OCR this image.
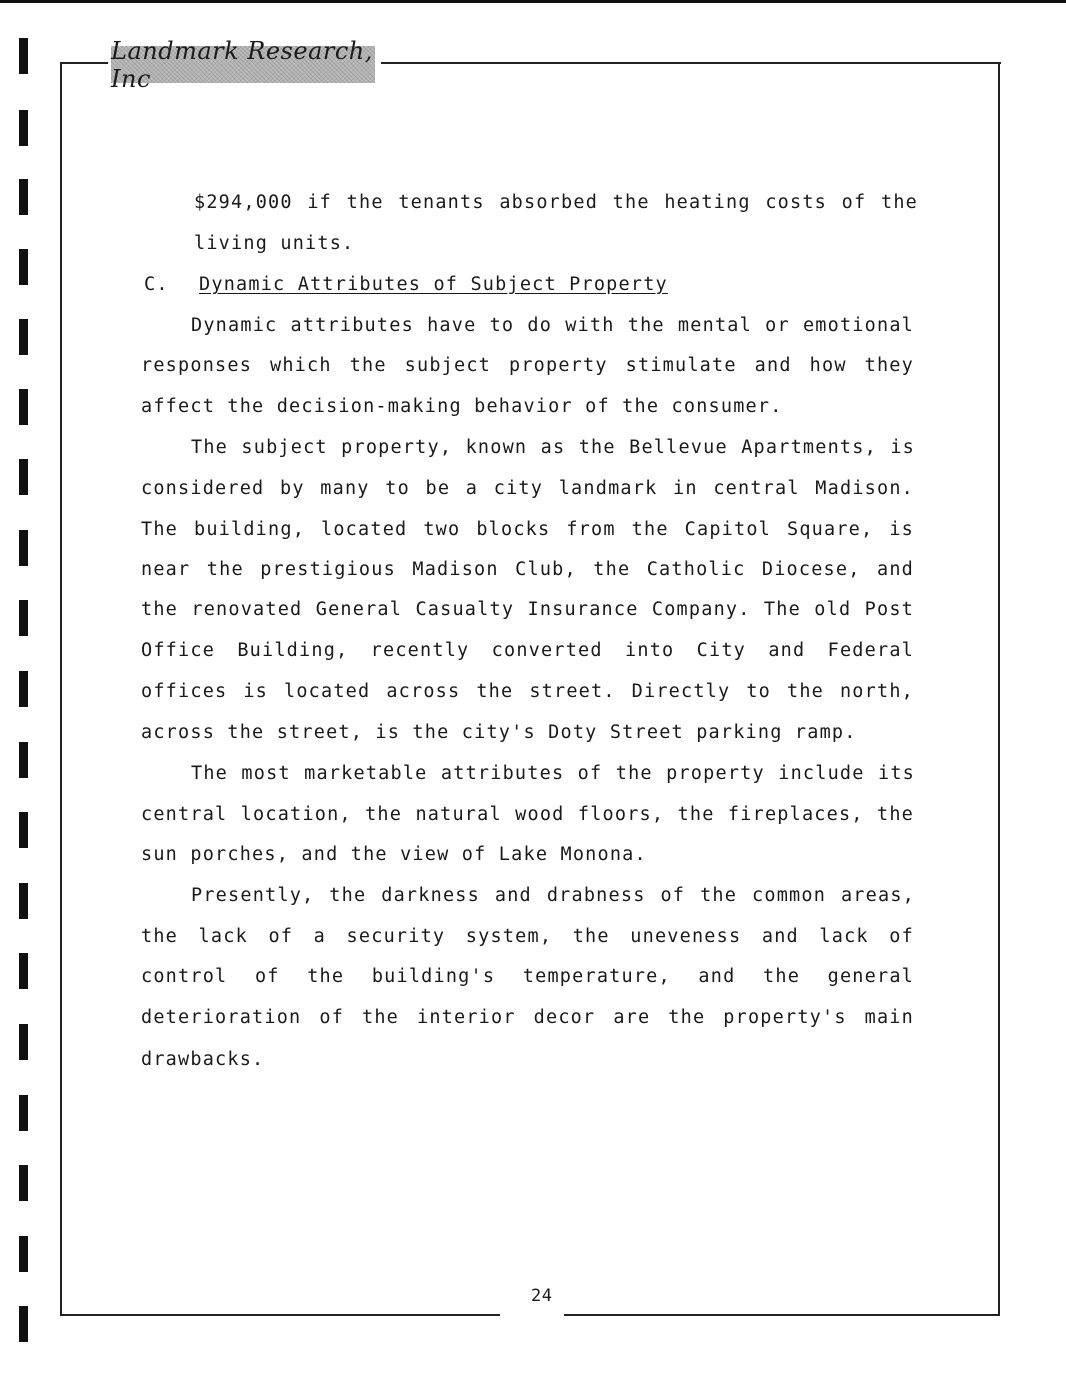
Landmark Research, Inc
$294,000 if the tenants absorbed the heating costs of the
living units.
C. Dynamic Attributes of Subject Property
Dynamic attributes have to do with the mental or emotional
responses which the subject property stimulate and how they
affect the decision-making behavior of the consumer.
The subject property, known as the Bellevue Apartments, is
considered by many to be a city landmark in central Madison.
The building, located two blocks from the Capitol Square, is
near the prestigious Madison Club, the Catholic Diocese, and
the renovated General Casualty Insurance Company. The old Post
Office Building, recently converted into City and Federal
offices is located across the street. Directly to the north,
across the street, is the city's Doty Street parking ramp.
The most marketable attributes of the property include its
central location, the natural wood floors, the fireplaces, the
sun porches, and the view of Lake Monona.
Presently, the darkness and drabness of the common areas,
the lack of a security system, the uneveness and lack of
control of the building's temperature, and the general
deterioration of the interior decor are the property's main
drawbacks.
24
